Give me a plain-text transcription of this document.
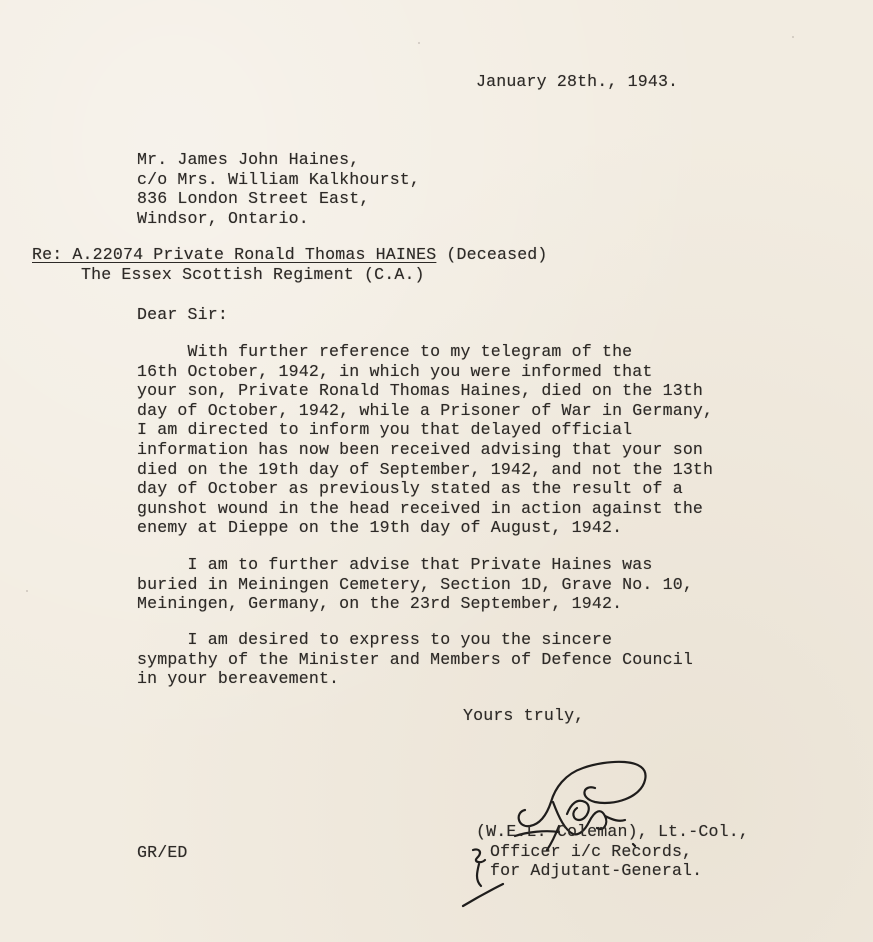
January 28th., 1943.
Mr. James John Haines,
c/o Mrs. William Kalkhourst,
836 London Street East,
Windsor, Ontario.
Re: A.22074 Private Ronald Thomas HAINES (Deceased)
The Essex Scottish Regiment (C.A.)
Dear Sir:
With further reference to my telegram of the
16th October, 1942, in which you were informed that
your son, Private Ronald Thomas Haines, died on the 13th
day of October, 1942, while a Prisoner of War in Germany,
I am directed to inform you that delayed official
information has now been received advising that your son
died on the 19th day of September, 1942, and not the 13th
day of October as previously stated as the result of a
gunshot wound in the head received in action against the
enemy at Dieppe on the 19th day of August, 1942.
I am to further advise that Private Haines was
buried in Meiningen Cemetery, Section 1D, Grave No. 10,
Meiningen, Germany, on the 23rd September, 1942.
I am desired to express to you the sincere
sympathy of the Minister and Members of Defence Council
in your bereavement.
Yours truly,
(W.E.L. Coleman), Lt.-Col.,
Officer i/c Records,
for Adjutant-General.
GR/ED
